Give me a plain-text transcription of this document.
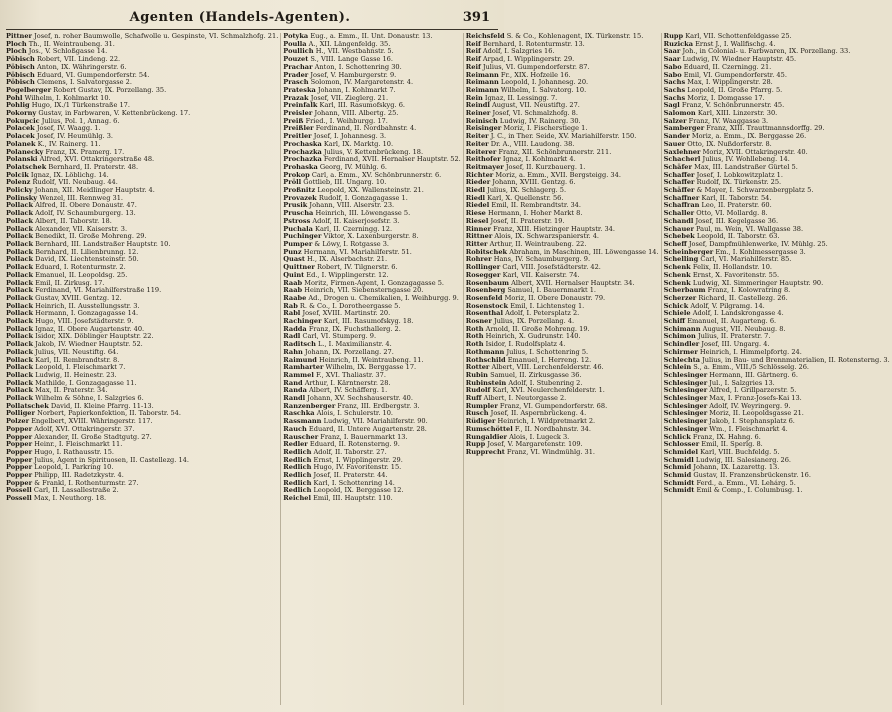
Agenten (Handels-Agenten).	391
Pittner Josef, n. roher Baumwolle, Schafwolle u. Gespinste, VI. Schmalzhofg. 21.
Ploch Th., II. Weintraubeng. 31.
Ploch Jos., V. Schloßgasse 14.
Pöbisch Robert, VII. Lindeng. 22.
Pöbisch Anton, IX. Währingerstr. 6.
Pöbisch Eduard, VI. Gumpendorferstr. 54.
Pöbisch Clemens, I. Salvatorgasse 2.
Pogelberger Robert Gustav, IX. Porzellang. 35.
Pohl Wilhelm, I. Kohlmarkt 10.
Pohlig Hugo, IX./1 Türkenstraße 17.
Pokorny Gustav, in Farbwaren, V. Kettenbrückeng. 17.
Pokupcic Julius, Pol. 1, Annag. 6.
Polacek Josef, IV. Waagg. 1.
Polacek Josef, IV. Heumühlg. 3.
Polanek K., IV. Rainerg. 11.
Polanecky Franz, IX. Pramerg. 17.
Polanski Alfred, XVI. Ottakringerstraße 48.
Polatschek Bernhard, II. Praterstr. 48.
Polcik Ignaz, IX. Löblichg. 14.
Polenz Rudolf, VII. Neubaug. 44.
Policky Johann, XII. Meidlinger Hauptstr. 4.
Polinsky Wenzel, III. Rennweg 31.
Pollack Alfred, II. Obere Donaustr. 47.
Pollack Adolf, IV. Schaumburgerg. 13.
Pollack Albert, II. Taborstr. 18.
Pollack Alexander, VII. Kaiserstr. 3.
Pollack Benedikt, II. Große Mohreng. 29.
Pollack Bernhard, III. Landstraßer Hauptstr. 10.
Pollack Bernhard, II. Lilienbrunng. 12.
Pollack David, IX. Liechtensteinstr. 50.
Pollack Eduard, I. Rotenturmstr. 2.
Pollack Emanuel, II. Leopoldsg. 25.
Pollack Emil, II. Zirkusg. 17.
Pollack Ferdinand, VI. Mariahilferstraße 119.
Pollack Gustav, XVIII. Gentzg. 12.
Pollack Heinrich, II. Ausstellungsstr. 3.
Pollack Hermann, I. Gonzagagasse 14.
Pollack Hugo, VIII. Josefstädterstr. 9.
Pollack Ignaz, II. Obere Augartenstr. 40.
Pollack Isidor, XIX. Döblinger Hauptstr. 22.
Pollack Jakob, IV. Wiedner Hauptstr. 52.
Pollack Julius, VII. Neustiftg. 64.
Pollack Karl, II. Rembrandtstr. 8.
Pollack Leopold, I. Fleischmarkt 7.
Pollack Ludwig, II. Heinestr. 23.
Pollack Mathilde, I. Gonzagagasse 11.
Pollack Max, II. Praterstr. 34.
Pollack Wilhelm & Söhne, I. Salzgries 6.
Pollatschek David, II. Kleine Pfarrg. 11-13.
Polliger Norbert, Papierkonfektion, II. Taborstr. 54.
Polzer Engelbert, XVIII. Währingerstr. 117.
Popper Adolf, XVI. Ottakringerstr. 37.
Popper Alexander, II. Große Stadtgutg. 27.
Popper Heinr., I. Fleischmarkt 11.
Popper Hugo, I. Rathausstr. 15.
Popper Julius, Agent in Spirituosen, II. Castellezg. 14.
Popper Leopold, I. Parkring 10.
Popper Philipp, III. Radetzkystr. 4.
Popper & Frankl, I. Rothenturmstr. 27.
Possell Carl, II. Lassallestraße 2.
Possell Max, I. Neuthorg. 18.
Potyka Eug., a. Emm., II. Unt. Donaustr. 13.
Poulla A., XII. Längenfeldg. 35.
Poullich H., VII. Westbahnstr. 5.
Pouzet S., VIII. Lange Gasse 16.
Prachar Anton, I. Schottenring 30.
Prader Josef, V. Hamburgerstr. 9.
Prasch Solomon, IV. Margaretenstr. 4.
Prateska Johann, I. Kohlmarkt 7.
Prazak Josef, VII. Zieglerg. 21.
Preinfalk Karl, III. Rasumofskyg. 6.
Preisler Johann, VIII. Albertg. 25.
Preiß Fried., I. Weihburgg. 17.
Preißler Ferdinand, II. Nordbahnstr. 4.
Preitler Josef, I. Johannesg. 3.
Prochaska Karl, IX. Marktg. 10.
Prochazka Julius, V. Kettenbrückeng. 18.
Prochazka Ferdinand, XVII. Hernalser Hauptstr. 52.
Prohaska Georg, IV. Mühlg. 6.
Prokop Carl, a. Emm., XV. Schönbrunnerstr. 6.
Pröll Gottlieb, III. Ungarg. 10.
Proßnitz Leopold, XX. Wallensteinstr. 21.
Provazek Rudolf, I. Gonzagagasse 1.
Prusik Johann, VIII. Alserstr. 23.
Pruscha Heinrich, III. Löwengasse 5.
Pstross Adolf, II. Kaiserjosefstr. 3.
Puchala Karl, II. Czerningg. 12.
Puchinger Viktor, X. Laxenburgerstr. 8.
Pumper & Löwy, I. Rotgasse 3.
Punz Hermann, VI. Mariahilferstr. 51.
Quast H., IX. Alserbachstr. 21.
Quittner Robert, IV. Tilgnerstr. 6.
Quint Ed., I. Wipplingerstr. 12.
Raab Moritz, Firmen-Agent, I. Gonzagagasse 5.
Raab Heinrich, VII. Siebensterngasse 20.
Raabe Ad., Drogen u. Chemikalien, I. Weihburgg. 9.
Rab R. & Co., I. Dorotheergasse 5.
Rabl Josef, XVIII. Martinstr. 20.
Rachinger Karl, III. Rasumofskyg. 18.
Radda Franz, IX. Fuchsthallerg. 2.
Radl Carl, VI. Stumperg. 9.
Raditsch L., I. Maximilianstr. 4.
Rahn Johann, IX. Porzellang. 27.
Raimund Heinrich, II. Weintraubeng. 11.
Ramharter Wilhelm, IX. Berggasse 17.
Rammel F., XVI. Thaliastr. 37.
Rand Arthur, I. Kärntnerstr. 28.
Randa Albert, IV. Schäfferg. 1.
Randl Johann, XV. Sechshauserstr. 40.
Ranzenberger Franz, III. Erdbergstr. 3.
Raschka Alois, I. Schulerstr. 10.
Rassmann Ludwig, VII. Mariahilferstr. 90.
Rauch Eduard, II. Untere Augartenstr. 28.
Rauscher Franz, I. Bauernmarkt 13.
Redler Eduard, II. Rotensterng. 9.
Redlich Adolf, II. Taborstr. 27.
Redlich Ernst, I. Wipplingerstr. 29.
Redlich Hugo, IV. Favoritenstr. 15.
Redlich Josef, II. Praterstr. 44.
Redlich Karl, I. Schottenring 14.
Redlich Leopold, IX. Berggasse 12.
Reichel Emil, III. Hauptstr. 110.
Reichsfeld S. & Co., Kohlenagent, IX. Türkenstr. 15.
Reif Bernhard, I. Rotenturmstr. 13.
Reif Adolf, I. Salzgries 16.
Reif Arpad, I. Wipplingerstr. 29.
Reif Julius, VI. Gumpendorferstr. 87.
Reimann Fr., XIX. Hofzeile 16.
Reimann Leopold, I. Johannesg. 20.
Reimann Wilhelm, I. Salvatorg. 10.
Rein Ignaz, II. Lessingg. 7.
Reindl August, VII. Neustiftg. 27.
Reiner Josef, VI. Schmalzhofg. 8.
Reinisch Ludwig, IV. Rainerg. 30.
Reisinger Moriz, I. Fischerstiege 1.
Reiter J. C., in Ther. Seide, XV. Mariahilferstr. 150.
Reiter Dr. A., VIII. Laudong. 38.
Reiterer Franz, XII. Schönbrunnerstr. 211.
Reithofer Ignaz, I. Kohlmarkt 4.
Reitmayer Josef, II. Kurzbauerg. 1.
Richter Moriz, a. Emm., XVII. Bergsteigg. 34.
Rieder Johann, XVIII. Gentzg. 6.
Riedl Julius, IX. Schlagerg. 5.
Riedl Karl, X. Quellenstr. 56.
Riedel Emil, II. Rembrandtstr. 34.
Riese Hermann, I. Hoher Markt 8.
Riesel Josef, II. Praterstr. 19.
Rinner Franz, XIII. Hietzinger Hauptstr. 34.
Rittner Alois, IX. Schwarzspanierstr. 4.
Ritter Arthur, II. Weintraubeng. 22.
Robitschek Abraham, in Maschinen, III. Löwengasse 14.
Rohrer Hans, IV. Schaumburgerg. 9.
Rollinger Carl, VIII. Josefstädterstr. 42.
Rosegger Karl, VII. Kaiserstr. 74.
Rosenbaum Albert, XVII. Hernalser Hauptstr. 34.
Rosenberg Samuel, I. Bauernmarkt 1.
Rosenfeld Moriz, II. Obere Donaustr. 79.
Rosenstock Emil, I. Lichtensteg 1.
Rosenthal Adolf, I. Petersplatz 2.
Rosner Julius, IX. Porzellang. 4.
Roth Arnold, II. Große Mohreng. 19.
Roth Heinrich, X. Gudrunstr. 140.
Roth Isidor, I. Rudolfsplatz 4.
Rothmann Julius, I. Schottenring 5.
Rothschild Emanuel, I. Herreng. 12.
Rotter Albert, VIII. Lerchenfelderstr. 46.
Rubin Samuel, II. Zirkusgasse 36.
Rubinstein Adolf, I. Stubenring 2.
Rudolf Karl, XVI. Neulerchenfelderstr. 1.
Ruff Albert, I. Neutorgasse 2.
Rumpler Franz, VI. Gumpendorferstr. 68.
Rusch Josef, II. Aspernbrückeng. 4.
Rüdiger Heinrich, I. Wildpretmarkt 2.
Rumschöttel F., II. Nordbahnstr. 34.
Rungaldier Alois, I. Lugeck 3.
Rupp Josef, V. Margaretenstr. 109.
Rupprecht Franz, VI. Windmühlg. 31.
Rupp Karl, VII. Schottenfeldgasse 25.
Ruzicka Ernst J., I. Wallfischg. 4.
Saar Joh., in Colonial- u. Farbwaren, IX. Porzellang. 33.
Saar Ludwig, IV. Wiedner Hauptstr. 45.
Sabo Eduard, II. Czerningg. 21.
Sabo Emil, VI. Gumpendorferstr. 45.
Sachs Max, I. Wipplingerstr. 28.
Sachs Leopold, II. Große Pfarrg. 5.
Sachs Moriz, I. Domgasse 17.
Sagl Franz, V. Schönbrunnerstr. 45.
Salomon Karl, XIII. Linzerstr. 30.
Salzer Franz, IV. Waaggasse 3.
Samberger Franz, XIII. Trauttmannsdorffg. 29.
Sander Moriz, a. Emm., IX. Berggasse 26.
Sauer Otto, IX. Nußdorferstr. 8.
Saxlehner Moriz, XVII. Ottakringerstr. 40.
Schacherl Julius, IV. Wohllebeng. 14.
Schäfer Max, III. Landstraßer Gürtel 5.
Schaffer Josef, I. Lobkowitzplatz 1.
Schaffer Rudolf, IX. Türkenstr. 25.
Schäffer & Mayer, I. Schwarzenbergplatz 5.
Schaffner Karl, II. Taborstr. 54.
Schaffran Leo, II. Praterstr. 60.
Schaller Otto, VI. Mollardg. 8.
Schandl Josef, III. Kegelgasse 36.
Schauer Paul, m. Wein, VI. Wallgasse 38.
Schebek Leopold, II. Taborstr. 63.
Scheff Josef, Dampfmühlenwerke, IV. Mühlg. 25.
Scheinberger Em., I. Kohlmessergasse 3.
Schelling Carl, VI. Mariahilferstr. 85.
Schenk Felix, II. Hollandstr. 10.
Schenk Ernst, X. Favoritenstr. 55.
Schenk Ludwig, XI. Simmeringer Hauptstr. 90.
Scherbaum Franz, I. Kolowratring 8.
Scherzer Richard, II. Castellezg. 26.
Schick Adolf, V. Pilgramg. 14.
Schiele Adolf, I. Landskrongasse 4.
Schiff Emanuel, II. Augarteng. 6.
Schimann August, VII. Neubaug. 8.
Schimon Julius, II. Praterstr. 7.
Schindler Josef, III. Ungarg. 4.
Schirmer Heinrich, I. Himmelpfortg. 24.
Schlechta Julius, in Bau- und Brennmaterialien, II. Rotensterng. 3.
Schlein S., a. Emm., VIII./5 Schlösselg. 26.
Schlesinger Hermann, III. Gärtnerg. 6.
Schlesinger Jul., I. Salzgries 13.
Schlesinger Alfred, I. Grillparzerstr. 5.
Schlesinger Max, I. Franz-Josefs-Kai 13.
Schlesinger Adolf, IV. Weyringerg. 9.
Schlesinger Moriz, II. Leopoldsgasse 21.
Schlesinger Jakob, I. Stephansplatz 6.
Schlesinger Wm., I. Fleischmarkt 4.
Schlick Franz, IX. Hahng. 6.
Schlosser Emil, II. Sperlg. 8.
Schmidel Karl, VIII. Buchfeldg. 5.
Schmidl Ludwig, III. Salesianerg. 26.
Schmid Johann, IX. Lazarettg. 13.
Schmid Gustav, II. Franzensbrückenstr. 16.
Schmidt Ferd., a. Emm., VI. Lehárg. 5.
Schmidt Emil & Comp., I. Columbusg. 1.
